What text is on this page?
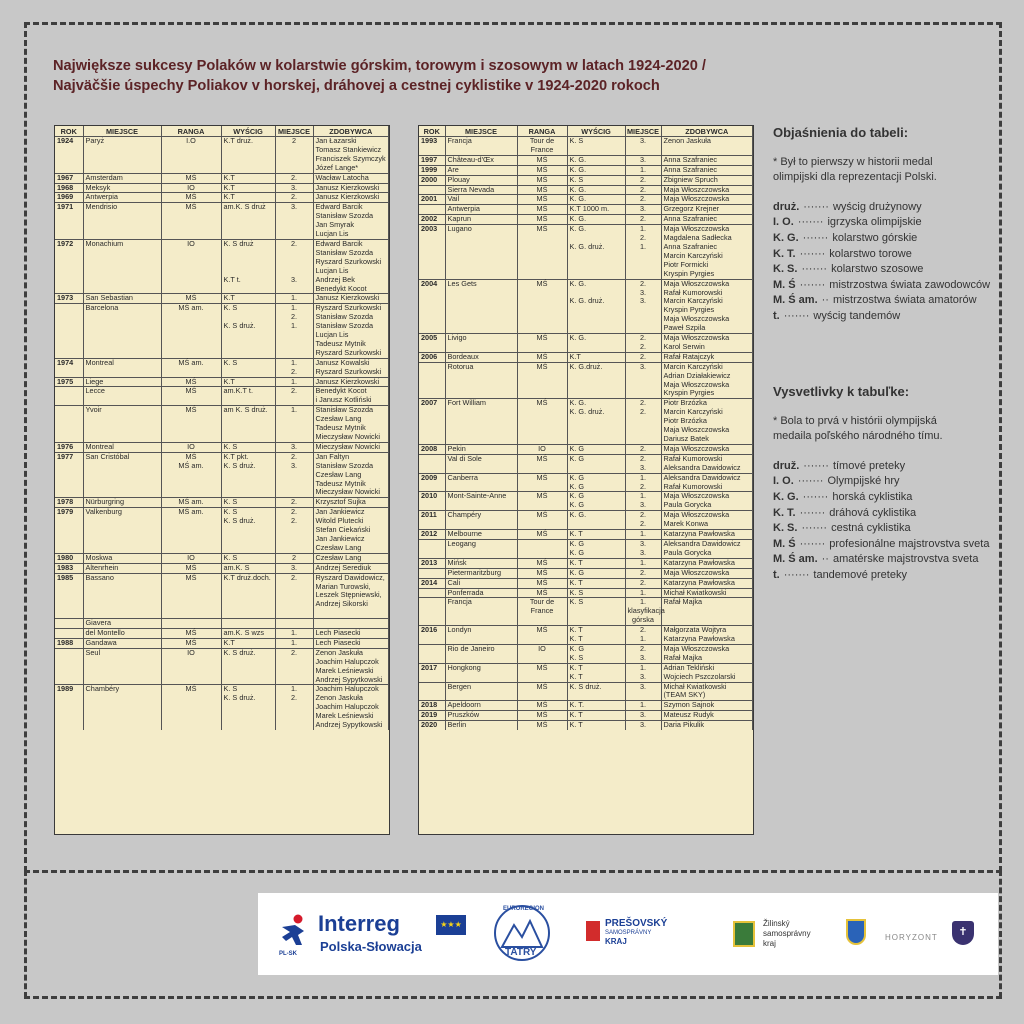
Największe sukcesy Polaków w kolarstwie górskim, torowym i szosowym w latach 1924-2020 /
Najväčšie úspechy Poliakov v horskej, dráhovej a cestnej cyklistike v 1924-2020 rokoch
ROK	MIEJSCE	RANGA	WYŚCIG	MIEJSCE	ZDOBYWCA
1924	Paryż	I.O	K.T druż.	2	Jan Łazarski
					Tomasz Stankiewicz
					Franciszek Szymczyk
					Józef Lange*
1967	Amsterdam	MŚ	K.T	2.	Wacław Latocha
1968	Meksyk	IO	K.T	3.	Janusz Kierzkowski
1969	Antwerpia	MŚ	K.T	2.	Janusz Kierzkowski
1971	Mendrisio	MŚ	am.K. S druż	3.	Edward Barcik
					Stanisław Szozda
					Jan Smyrak
					Lucjan Lis
1972	Monachium	IO	K. S druż	2.	Edward Barcik
					Stanisław Szozda
					Ryszard Szurkowski
					Lucjan Lis
			K.T t.	3.	Andrzej Bek
					Benedykt Kocot
1973	San Sebastian	MŚ	K.T	1.	Janusz Kierzkowski
	Barcelona	MŚ am.	K. S	1.	Ryszard Szurkowski
				2.	Stanisław Szozda
			K. S druż.	1.	Stanisław Szozda
					Lucjan Lis
					Tadeusz Mytnik
					Ryszard Szurkowski
1974	Montreal	MŚ am.	K. S	1.	Janusz Kowalski
				2.	Ryszard Szurkowski
1975	Liege	MŚ	K.T	1.	Janusz Kierzkowski
	Lecce	MŚ	am.K.T t.	2.	Benedykt Kocot
					i Janusz Kotliński
	Yvoir	MŚ	am K. S druż.	1.	Stanisław Szozda
					Czesław Lang
					Tadeusz Mytnik
					Mieczysław Nowicki
1976	Montreal	IO	K. S	3.	Mieczysław Nowicki
1977	San Cristóbal	MŚ	K.T pkt.	2.	Jan Faltyn
		MŚ am.	K. S druż.	3.	Stanisław Szozda
					Czesław Lang
					Tadeusz Mytnik
					Mieczysław Nowicki
1978	Nürburgring	MŚ am.	K. S	2.	Krzysztof Sujka
1979	Valkenburg	MŚ am.	K. S	2.	Jan Jankiewicz
			K. S druż.	2.	Witold Plutecki
					Stefan Ciekański
					Jan Jankiewicz
					Czesław Lang
1980	Moskwa	IO	K. S	2	Czesław Lang
1983	Altenrhein	MŚ	am.K. S	3.	Andrzej Serediuk
1985	Bassano	MŚ	K.T druż.doch.	2.	Ryszard Dawidowicz,
					Marian Turowski,
					Leszek Stępniewski,
					Andrzej Sikorski

	Giavera				
	del Montello	MŚ	am.K. S wzs	1.	Lech Piasecki
1988	Gandawa	MŚ	K.T	1.	Lech Piasecki
	Seul	IO	K. S druż.	2.	Zenon Jaskuła
					Joachim Halupczok
					Marek Leśniewski
					Andrzej Sypytkowski
1989	Chambéry	MŚ	K. S	1.	Joachim Halupczok
			K. S druż.	2.	Zenon Jaskuła
					Joachim Halupczok
					Marek Leśniewski
					Andrzej Sypytkowski
ROK	MIEJSCE	RANGA	WYŚCIG	MIEJSCE	ZDOBYWCA
1993	Francja	Tour de	K. S	3.	Zenon Jaskuła
		France			
1997	Château-d'Œx	MŚ	K. G.	3.	Anna Szafraniec
1999	Are	MŚ	K. G.	1.	Anna Szafraniec
2000	Plouay	MŚ	K. S	2.	Zbigniew Spruch
	Sierra Nevada	MŚ	K. G.	2.	Maja Włoszczowska
2001	Vail	MŚ	K. G.	2.	Maja Włoszczowska
	Antwerpia	MŚ	K.T 1000 m.	3.	Grzegorz Krejner
2002	Kaprun	MŚ	K. G.	2.	Anna Szafraniec
2003	Lugano	MŚ	K. G.	1.	Maja Włoszczowska
				2.	Magdalena Sadłecka
			K. G. druż.	1.	Anna Szafraniec
					Marcin Karczyński
					Piotr Formicki
					Kryspin Pyrgies
2004	Les Gets	MŚ	K. G.	2.	Maja Włoszczowska
				3.	Rafał Kumorowski
			K. G. druż.	3.	Marcin Karczyński
					Kryspin Pyrgies
					Maja Włoszczowska
					Paweł Szpila
2005	Livigo	MŚ	K. G.	2.	Maja Włoszczowska
				2.	Karol Serwin
2006	Bordeaux	MŚ	K.T	2.	Rafał Ratajczyk
	Rotorua	MŚ	K. G.druż.	3.	Marcin Karczyński
					Adrian Działakiewicz
					Maja Włoszczowska
					Kryspin Pyrgies
2007	Fort William	MŚ	K. G.	2.	Piotr Brzózka
			K. G. druż.	2.	Marcin Karczyński
					Piotr Brzózka
					Maja Włoszczowska
					Dariusz Batek
2008	Pekin	IO	K. G	2.	Maja Włoszczowska
	Val di Sole	MŚ	K. G	2.	Rafał Kumorowski
				3.	Aleksandra Dawidowicz
2009	Canberra	MŚ	K. G	1.	Aleksandra Dawidowicz
			K. G	2.	Rafał Kumorowski
2010	Mont-Sainte-Anne	MŚ	K. G	1.	Maja Włoszczowska
			K. G	3.	Paula Gorycka
2011	Champéry	MŚ	K. G.	2.	Maja Włoszczowska
				2.	Marek Konwa
2012	Melbourne	MŚ	K. T	1.	Katarzyna Pawłowska
	Leogang		K. G	3.	Aleksandra Dawidowicz
			K. G	3.	Paula Gorycka
2013	Mińsk	MŚ	K. T	1.	Katarzyna Pawłowska
	Pietermaritzburg	MŚ	K. G	2.	Maja Włoszczowska
2014	Cali	MŚ	K. T	2.	Katarzyna Pawłowska
	Ponferrada	MŚ	K. S	1.	Michał Kwiatkowski
	Francja	Tour de	K. S	1.	Rafał Majka
		France		klasyfikacja	
				górska	
2016	Londyn	MŚ	K. T	2.	Małgorzata Wojtyra
			K. T	1.	Katarzyna Pawłowska
	Rio de Janeiro	IO	K. G	2.	Maja Włoszczowska
			K. S	3.	Rafał Majka
2017	Hongkong	MŚ	K. T	1.	Adrian Tekliński
			K. T	3.	Wojciech Pszczolarski
	Bergen	MŚ	K. S druż.	3.	Michał Kwiatkowski
					(TEAM SKY)
2018	Apeldoorn	MŚ	K. T.	1.	Szymon Sajnok
2019	Pruszków	MŚ	K. T	3.	Mateusz Rudyk
2020	Berlin	MŚ	K. T	3.	Daria Pikulik
Objaśnienia do tabeli:
* Był to pierwszy w historii medal olimpijski dla reprezentacji Polski.
druż. ······· wyścig drużynowy
I. O. ······· igrzyska olimpijskie
K. G. ······· kolarstwo górskie
K. T. ······· kolarstwo torowe
K. S. ······· kolarstwo szosowe
M. Ś ······· mistrzostwa świata zawodowców
M. Ś am. ·· mistrzostwa świata amatorów
t. ······· wyścig tandemów
Vysvetlivky k tabuľke:
* Bola to prvá v histórii olympijská medaila poľského národného tímu.
druž. ······· tímové preteky
I. O. ······· Olympijské hry
K. G. ······· horská cyklistika
K. T. ······· dráhová cyklistika
K. S. ······· cestná cyklistika
M. Ś ······· profesionálne majstrovstva sveta
M. Ś am. ·· amatérske majstrovstva sveta
t. ······· tandemové preteky
PL-SK
Interreg
Polska-Słowacja
★★★
EUROREGION
TATRY
PREŠOVSKÝ
SAMOSPRÁVNY
KRAJ
Žilinský
samosprávny
kraj
HORYZONT	✝
